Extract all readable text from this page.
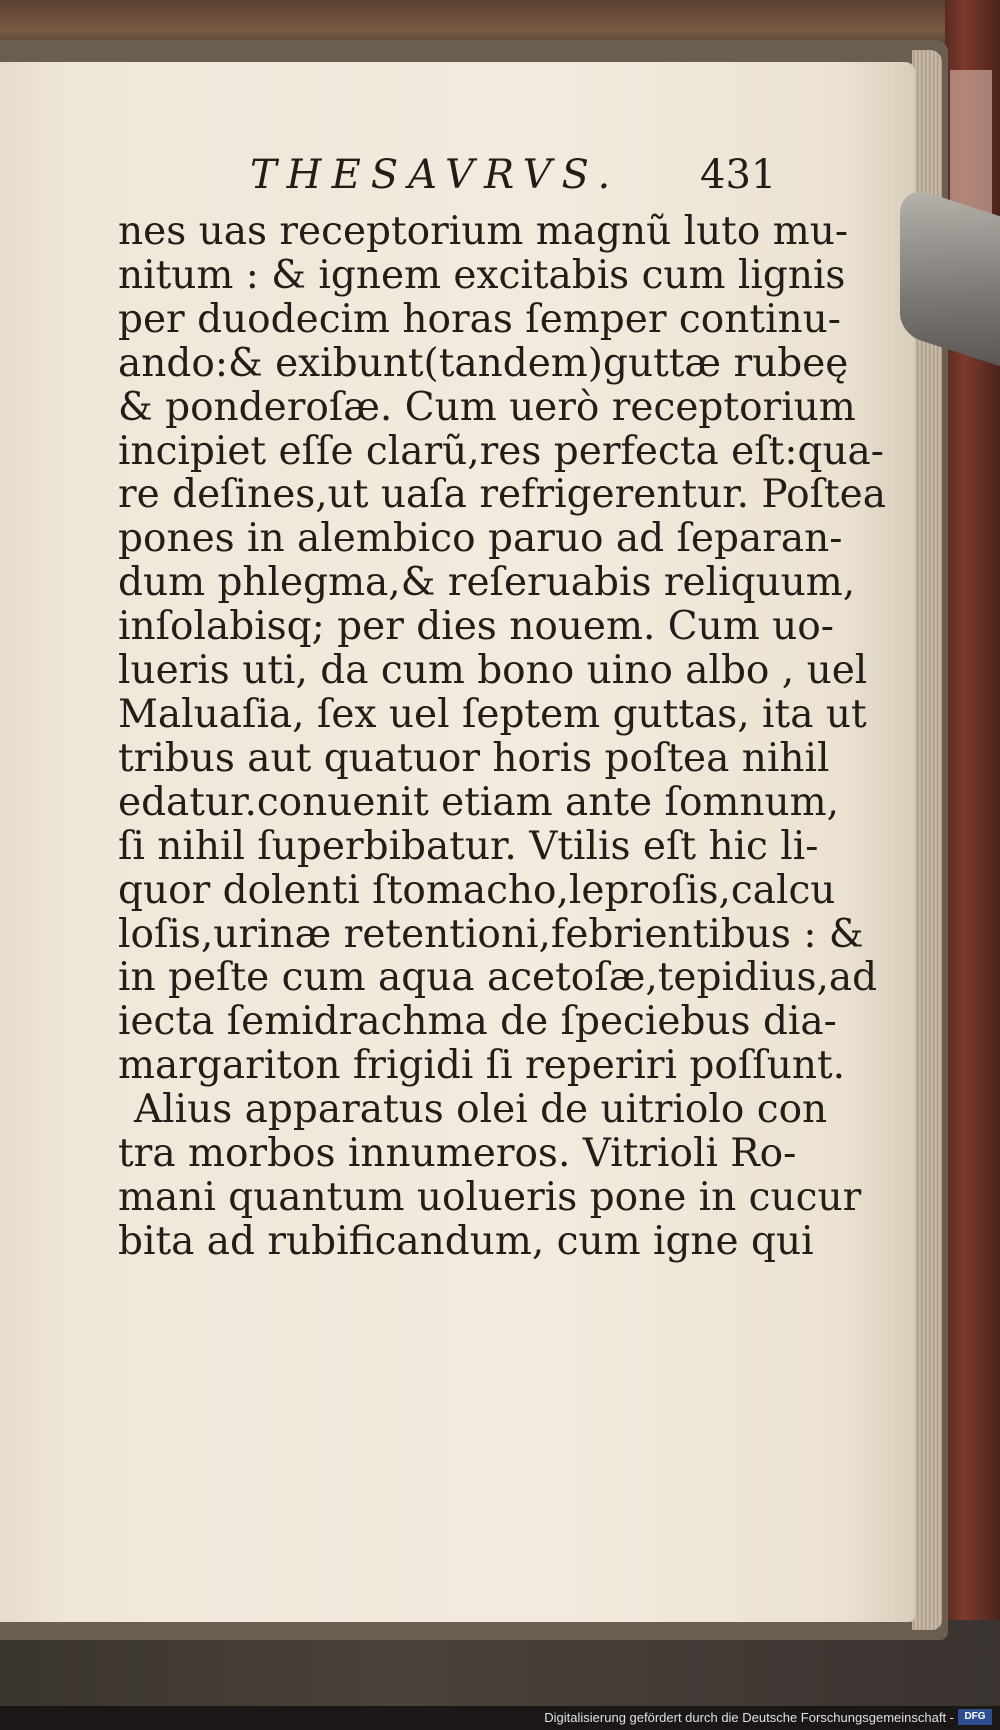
THESAVRVS. 431
nes uas receptorium magnũ luto mu-
nitum : & ignem excitabis cum lignis
per duodecim horas ſemper continu-
ando:& exibunt(tandem)guttæ rubeę
& ponderoſæ. Cum uerò receptorium
incipiet eſſe clarũ,res perfecta eſt:qua-
re deſines,ut uaſa refrigerentur. Poſtea
pones in alembico paruo ad ſeparan-
dum phlegma,& reſeruabis reliquum,
inſolabisq; per dies nouem. Cum uo-
lueris uti, da cum bono uino albo , uel
Maluaſia, ſex uel ſeptem guttas, ita ut
tribus aut quatuor horis poſtea nihil
edatur.conuenit etiam ante ſomnum,
ſi nihil ſuperbibatur. Vtilis eſt hic li-
quor dolenti ſtomacho,leproſis,calcu
loſis,urinæ retentioni,febrientibus : &
in peſte cum aqua acetoſæ,tepidius,ad
iecta ſemidrachma de ſpeciebus dia-
margariton frigidi ſi reperiri poſſunt.
Alius apparatus olei de uitriolo con
tra morbos innumeros. Vitrioli Ro-
mani quantum uolueris pone in cucur
bita ad rubificandum, cum igne qui
Digitalisierung gefördert durch die Deutsche Forschungsgemeinschaft -	DFG
